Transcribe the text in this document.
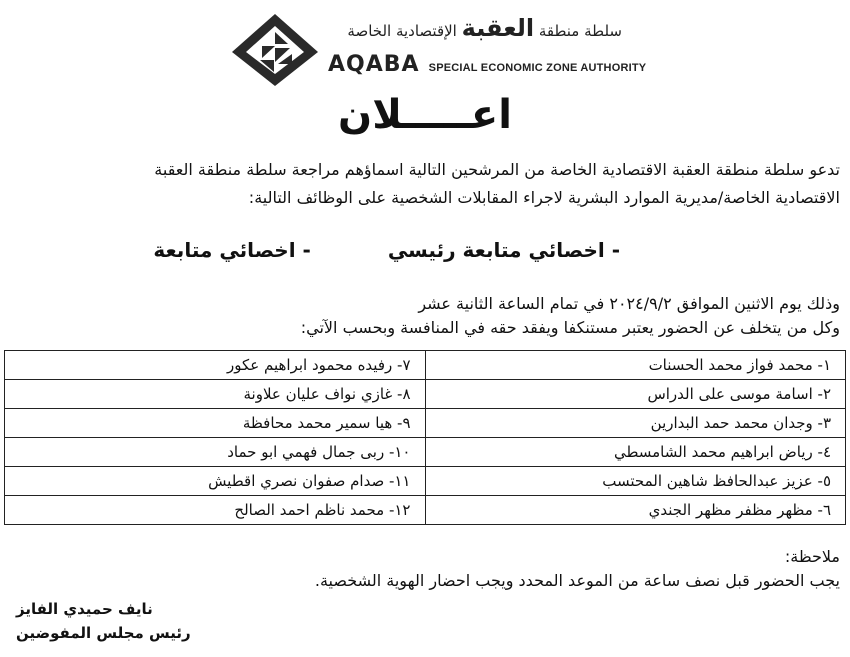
سلطة منطقة العقبة الإقتصادية الخاصة
AQABA SPECIAL ECONOMIC ZONE AUTHORITY
اعـــــلان
تدعو سلطة منطقة العقبة الاقتصادية الخاصة من المرشحين التالية اسماؤهم مراجعة سلطة منطقة العقبة
الاقتصادية الخاصة/مديرية الموارد البشرية لاجراء المقابلات الشخصية على الوظائف التالية:
- اخصائي متابعة رئيسي - اخصائي متابعة
وذلك يوم الاثنين الموافق ٢٠٢٤/٩/٢ في تمام الساعة الثانية عشر
وكل من يتخلف عن الحضور يعتبر مستنكفا ويفقد حقه في المنافسة وبحسب الآتي:
١- محمد فواز محمد الحسنات	٧- رفيده محمود ابراهيم عكور
٢- اسامة موسى على الدراس	٨- غازي نواف عليان علاونة
٣- وجدان محمد حمد البدارين	٩- هيا سمير محمد محافظة
٤- رياض ابراهيم محمد الشامسطي	١٠- ربى جمال فهمي ابو حماد
٥- عزيز عبدالحافظ شاهين المحتسب	١١- صدام صفوان نصري اقطيش
٦- مظهر مظفر مظهر الجندي	١٢- محمد ناظم احمد الصالح
ملاحظة:
يجب الحضور قبل نصف ساعة من الموعد المحدد ويجب احضار الهوية الشخصية.
نايف حميدي الفايز
رئيس مجلس المفوضين
